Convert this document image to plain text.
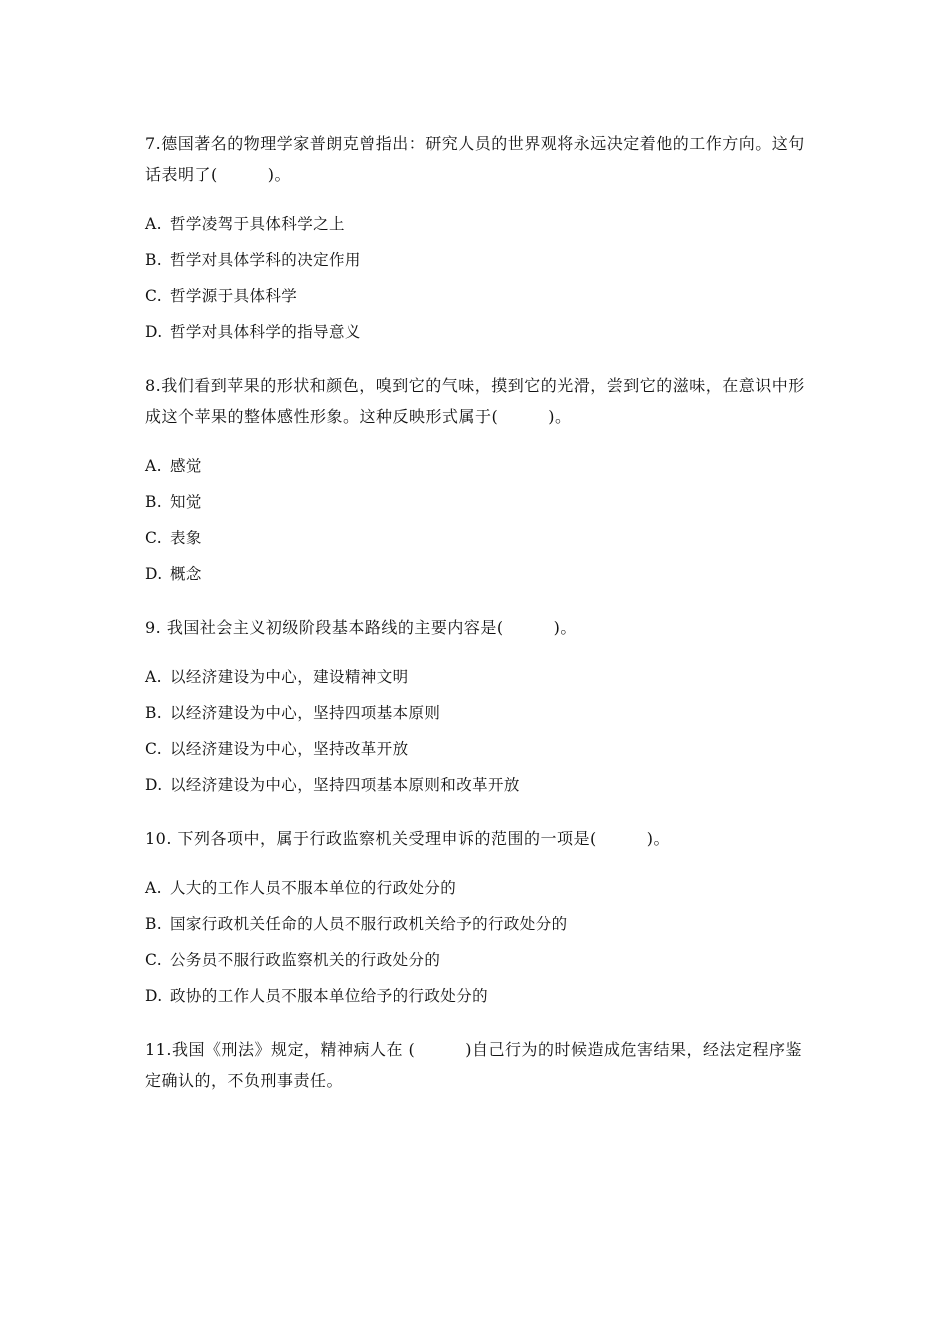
7.德国著名的物理学家普朗克曾指出：研究人员的世界观将永远决定着他的工作方向。这句话表明了(	)。

A. 哲学凌驾于具体科学之上
B. 哲学对具体学科的决定作用
C. 哲学源于具体科学
D. 哲学对具体科学的指导意义

8.我们看到苹果的形状和颜色，嗅到它的气味，摸到它的光滑，尝到它的滋味，在意识中形成这个苹果的整体感性形象。这种反映形式属于(	)。

A. 感觉
B. 知觉
C. 表象
D. 概念

9. 我国社会主义初级阶段基本路线的主要内容是(	)。

A. 以经济建设为中心，建设精神文明
B. 以经济建设为中心，坚持四项基本原则
C. 以经济建设为中心，坚持改革开放
D. 以经济建设为中心，坚持四项基本原则和改革开放

10. 下列各项中，属于行政监察机关受理申诉的范围的一项是(	)。

A. 人大的工作人员不服本单位的行政处分的
B. 国家行政机关任命的人员不服行政机关给予的行政处分的
C. 公务员不服行政监察机关的行政处分的
D. 政协的工作人员不服本单位给予的行政处分的

11.我国《刑法》规定，精神病人在 (	)自己行为的时候造成危害结果，经法定程序鉴定确认的，不负刑事责任。
